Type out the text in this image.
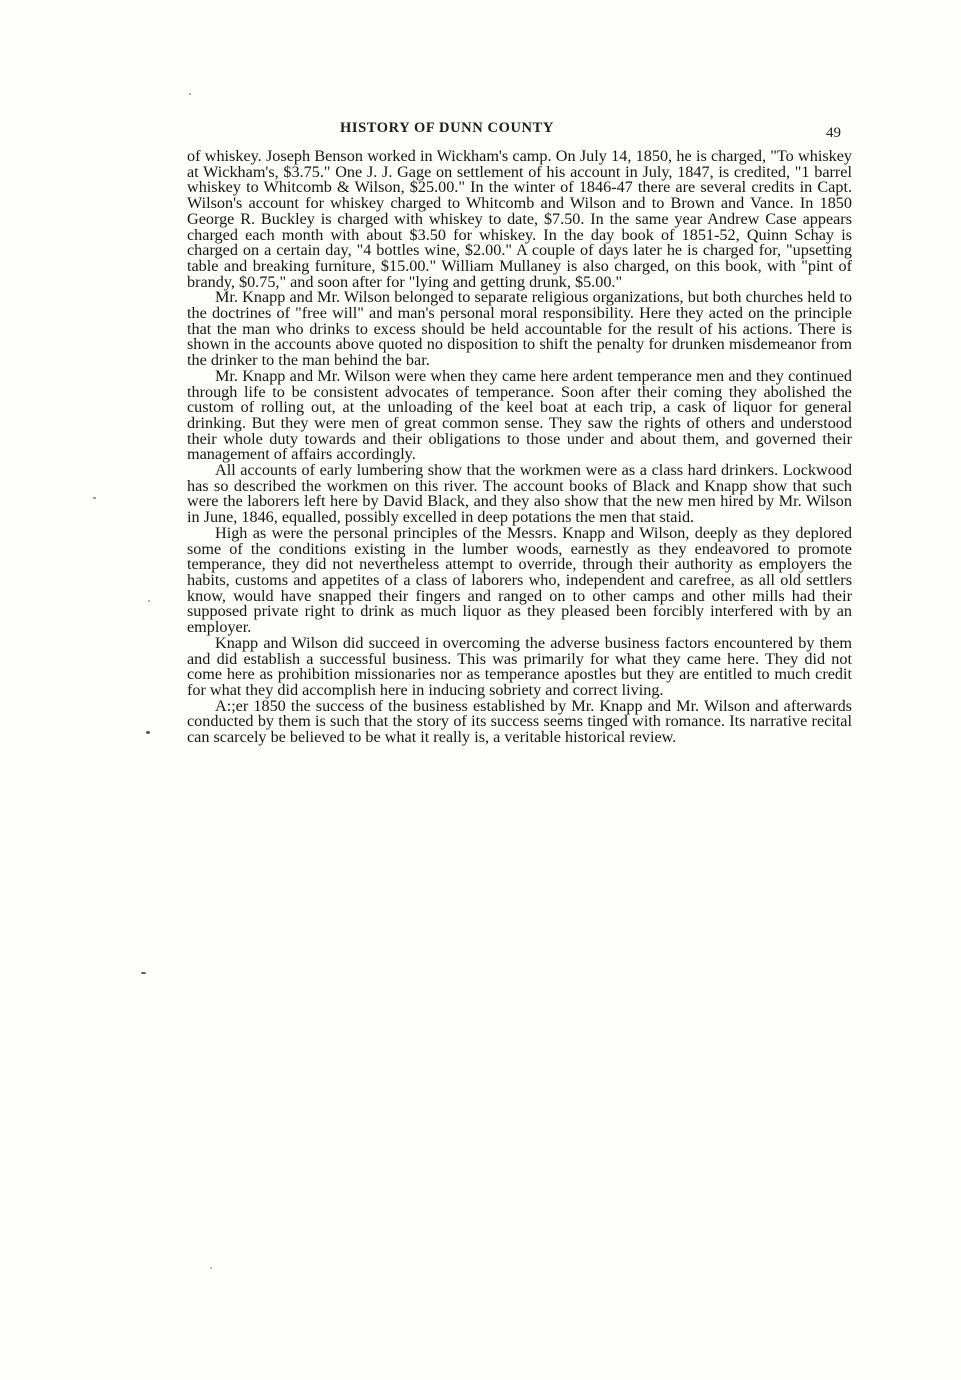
HISTORY OF DUNN COUNTY	49

of whiskey. Joseph Benson worked in Wickham's camp. On July 14, 1850, he is charged, "To whiskey at Wickham's, $3.75." One J. J. Gage on settlement of his account in July, 1847, is credited, "1 barrel whiskey to Whitcomb & Wilson, $25.00." In the winter of 1846-47 there are several credits in Capt. Wilson's account for whiskey charged to Whitcomb and Wilson and to Brown and Vance. In 1850 George R. Buckley is charged with whiskey to date, $7.50. In the same year Andrew Case appears charged each month with about $3.50 for whiskey. In the day book of 1851-52, Quinn Schay is charged on a certain day, "4 bottles wine, $2.00." A couple of days later he is charged for, "upsetting table and breaking furniture, $15.00." William Mullaney is also charged, on this book, with "pint of brandy, $0.75," and soon after for "lying and getting drunk, $5.00."

Mr. Knapp and Mr. Wilson belonged to separate religious organizations, but both churches held to the doctrines of "free will" and man's personal moral responsibility. Here they acted on the principle that the man who drinks to excess should be held accountable for the result of his actions. There is shown in the accounts above quoted no disposition to shift the penalty for drunken misdemeanor from the drinker to the man behind the bar.

Mr. Knapp and Mr. Wilson were when they came here ardent temperance men and they continued through life to be consistent advocates of temperance. Soon after their coming they abolished the custom of rolling out, at the unloading of the keel boat at each trip, a cask of liquor for general drinking. But they were men of great common sense. They saw the rights of others and understood their whole duty towards and their obligations to those under and about them, and governed their management of affairs accordingly.

All accounts of early lumbering show that the workmen were as a class hard drinkers. Lockwood has so described the workmen on this river. The account books of Black and Knapp show that such were the laborers left here by David Black, and they also show that the new men hired by Mr. Wilson in June, 1846, equalled, possibly excelled in deep potations the men that staid.

High as were the personal principles of the Messrs. Knapp and Wilson, deeply as they deplored some of the conditions existing in the lumber woods, earnestly as they endeavored to promote temperance, they did not nevertheless attempt to override, through their authority as employers the habits, customs and appetites of a class of laborers who, independent and carefree, as all old settlers know, would have snapped their fingers and ranged on to other camps and other mills had their supposed private right to drink as much liquor as they pleased been forcibly interfered with by an employer.

Knapp and Wilson did succeed in overcoming the adverse business factors encountered by them and did establish a successful business. This was primarily for what they came here. They did not come here as prohibition missionaries nor as temperance apostles but they are entitled to much credit for what they did accomplish here in inducing sobriety and correct living.

A:;er 1850 the success of the business established by Mr. Knapp and Mr. Wilson and afterwards conducted by them is such that the story of its success seems tinged with romance. Its narrative recital can scarcely be believed to be what it really is, a veritable historical review.
